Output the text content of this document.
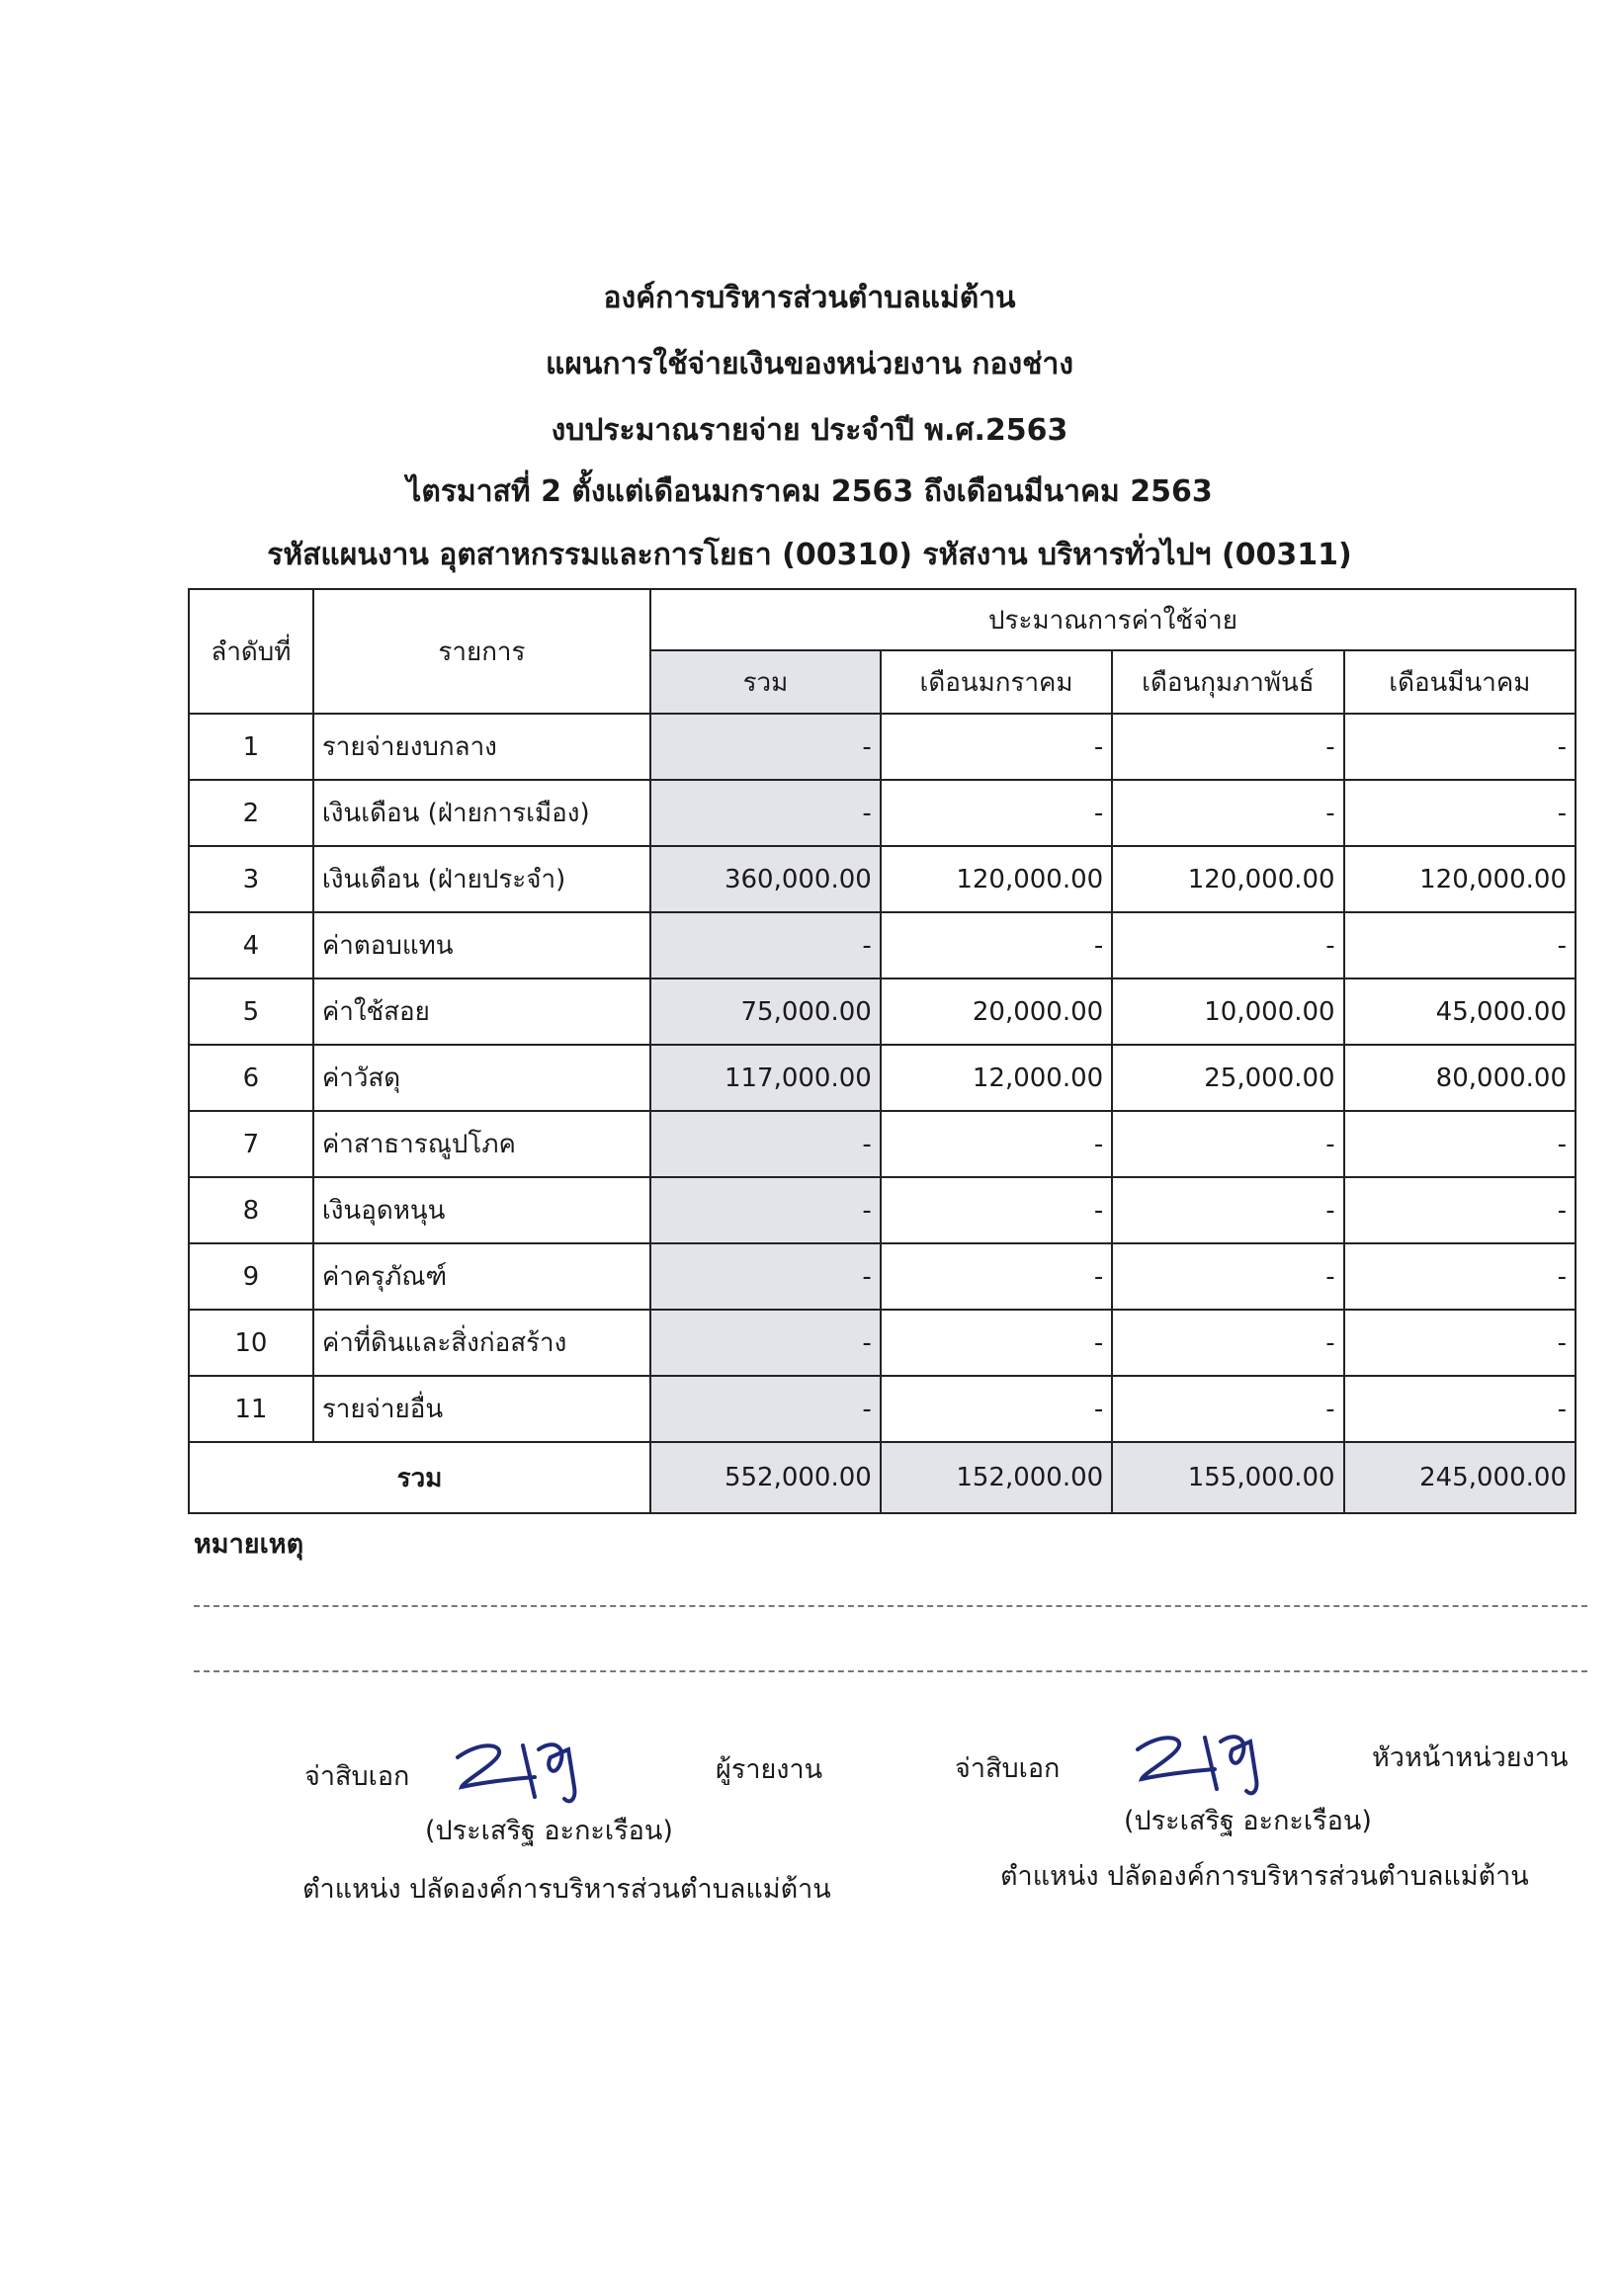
องค์การบริหารส่วนตำบลแม่ต้าน
แผนการใช้จ่ายเงินของหน่วยงาน กองช่าง
งบประมาณรายจ่าย ประจำปี พ.ศ.2563
ไตรมาสที่ 2 ตั้งแต่เดือนมกราคม 2563 ถึงเดือนมีนาคม 2563
รหัสแผนงาน อุตสาหกรรมและการโยธา (00310) รหัสงาน บริหารทั่วไปฯ (00311)
ลำดับที่	รายการ	ประมาณการค่าใช้จ่าย			
		รวม	เดือนมกราคม	เดือนกุมภาพันธ์	เดือนมีนาคม
1	รายจ่ายงบกลาง	-	-	-	-
2	เงินเดือน (ฝ่ายการเมือง)	-	-	-	-
3	เงินเดือน (ฝ่ายประจำ)	360,000.00	120,000.00	120,000.00	120,000.00
4	ค่าตอบแทน	-	-	-	-
5	ค่าใช้สอย	75,000.00	20,000.00	10,000.00	45,000.00
6	ค่าวัสดุ	117,000.00	12,000.00	25,000.00	80,000.00
7	ค่าสาธารณูปโภค	-	-	-	-
8	เงินอุดหนุน	-	-	-	-
9	ค่าครุภัณฑ์	-	-	-	-
10	ค่าที่ดินและสิ่งก่อสร้าง	-	-	-	-
11	รายจ่ายอื่น	-	-	-	-
รวม		552,000.00	152,000.00	155,000.00	245,000.00
หมายเหตุ
จ่าสิบเอก	ผู้รายงาน
(ประเสริฐ อะกะเรือน)
ตำแหน่ง ปลัดองค์การบริหารส่วนตำบลแม่ต้าน
จ่าสิบเอก	หัวหน้าหน่วยงาน
(ประเสริฐ อะกะเรือน)
ตำแหน่ง ปลัดองค์การบริหารส่วนตำบลแม่ต้าน
